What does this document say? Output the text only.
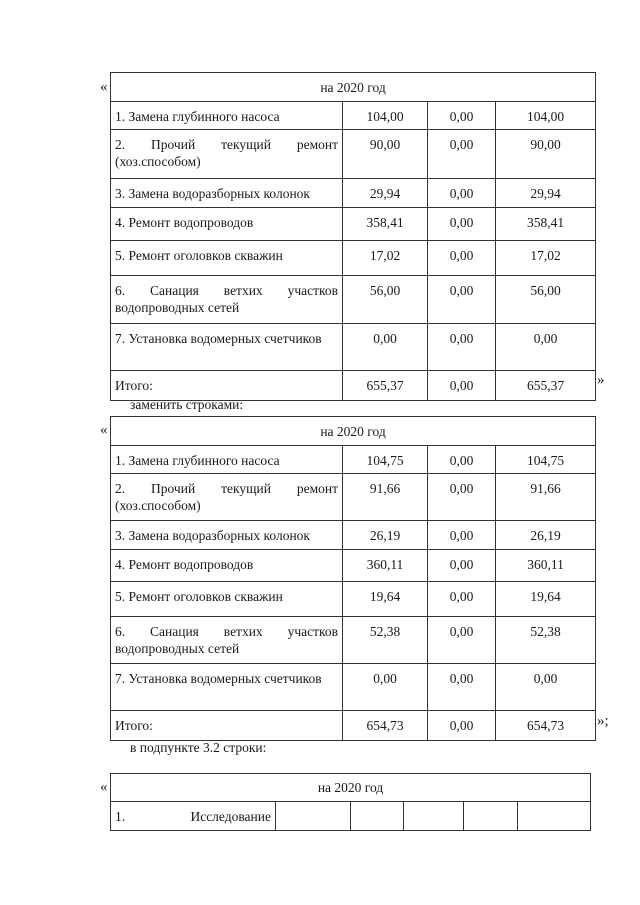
«	на 2020 год			
1. Замена глубинного насоса	104,00	0,00	104,00
2. Прочий текущий ремонт (хоз.способом)	90,00	0,00	90,00
3. Замена водоразборных колонок	29,94	0,00	29,94
4. Ремонт водопроводов	358,41	0,00	358,41
5. Ремонт оголовков скважин	17,02	0,00	17,02
6. Санация ветхих участков водопроводных сетей	56,00	0,00	56,00
7. Установка водомерных счетчиков	0,00	0,00	0,00
Итого:	655,37	0,00	655,37 »
заменить строками:
«	на 2020 год			
1. Замена глубинного насоса	104,75	0,00	104,75
2. Прочий текущий ремонт (хоз.способом)	91,66	0,00	91,66
3. Замена водоразборных колонок	26,19	0,00	26,19
4. Ремонт водопроводов	360,11	0,00	360,11
5. Ремонт оголовков скважин	19,64	0,00	19,64
6. Санация ветхих участков водопроводных сетей	52,38	0,00	52,38
7. Установка водомерных счетчиков	0,00	0,00	0,00
Итого:	654,73	0,00	654,73 »;
в подпункте 3.2 строки:
«	на 2020 год

1.	Исследование
